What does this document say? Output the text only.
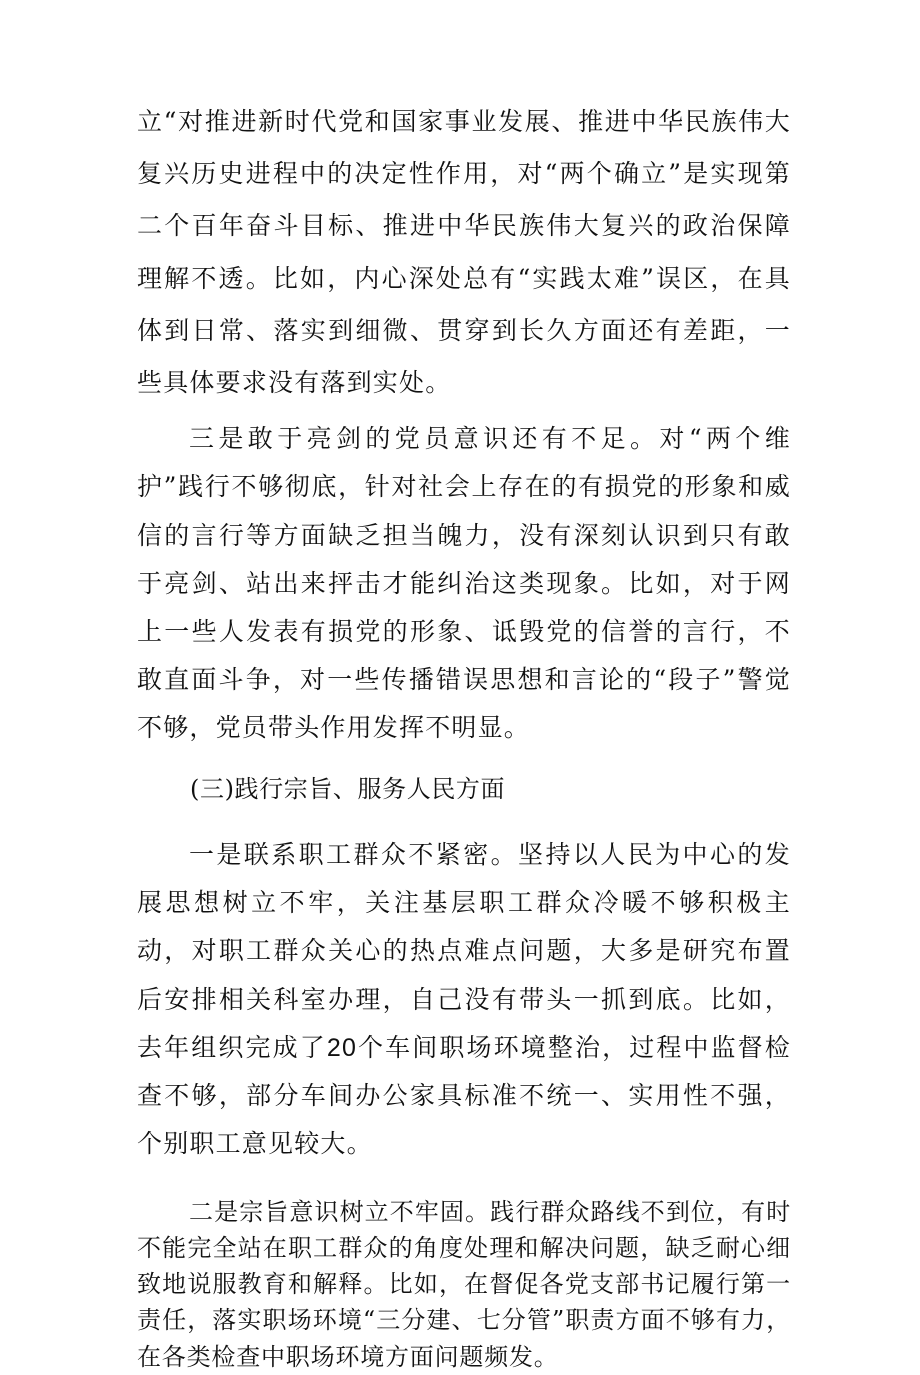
立“对推进新时代党和国家事业发展、推进中华民族伟大复兴历史进程中的决定性作用，对“两个确立”是实现第二个百年奋斗目标、推进中华民族伟大复兴的政治保障理解不透。比如，内心深处总有“实践太难”误区，在具体到日常、落实到细微、贯穿到长久方面还有差距，一些具体要求没有落到实处。

三是敢于亮剑的党员意识还有不足。对“两个维护”践行不够彻底，针对社会上存在的有损党的形象和威信的言行等方面缺乏担当魄力，没有深刻认识到只有敢于亮剑、站出来抨击才能纠治这类现象。比如，对于网上一些人发表有损党的形象、诋毁党的信誉的言行，不敢直面斗争，对一些传播错误思想和言论的“段子”警觉不够，党员带头作用发挥不明显。

(三)践行宗旨、服务人民方面

一是联系职工群众不紧密。坚持以人民为中心的发展思想树立不牢，关注基层职工群众冷暖不够积极主动，对职工群众关心的热点难点问题，大多是研究布置后安排相关科室办理，自己没有带头一抓到底。比如，去年组织完成了20个车间职场环境整治，过程中监督检查不够，部分车间办公家具标准不统一、实用性不强，个别职工意见较大。

二是宗旨意识树立不牢固。践行群众路线不到位，有时不能完全站在职工群众的角度处理和解决问题，缺乏耐心细致地说服教育和解释。比如，在督促各党支部书记履行第一责任，落实职场环境“三分建、七分管”职责方面不够有力，在各类检查中职场环境方面问题频发。
